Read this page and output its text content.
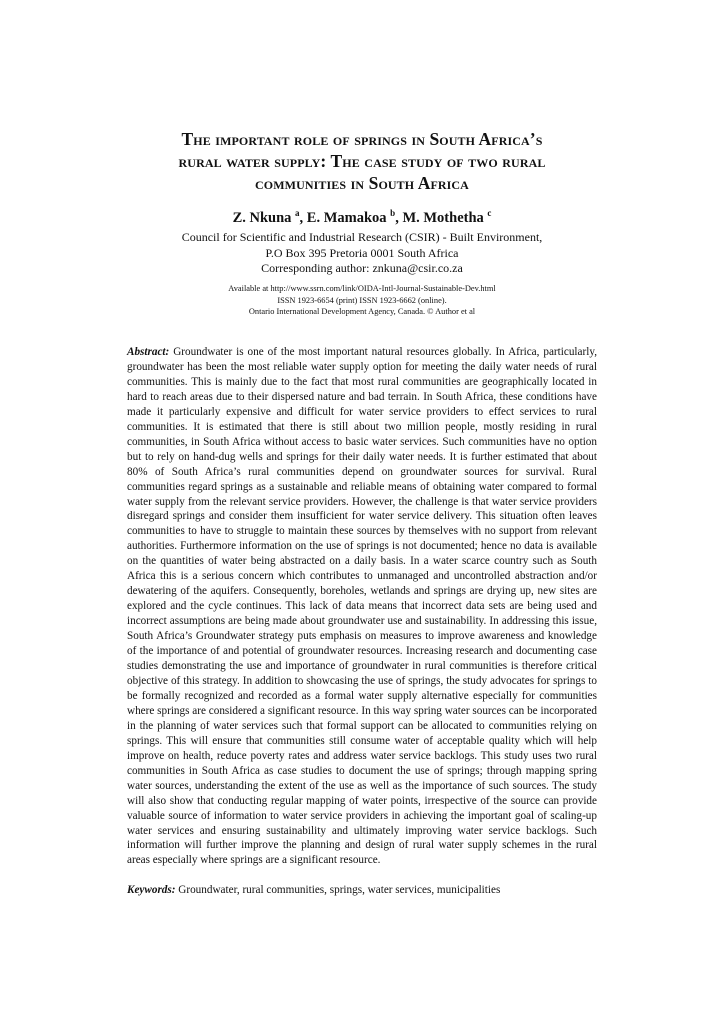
The important role of springs in South Africa’s
rural water supply: The case study of two rural
communities in South Africa
Z. Nkuna $^a$, E. Mamakoa $^b$, M. Mothetha $^c$
Council for Scientific and Industrial Research (CSIR) - Built Environment,
P.O Box 395 Pretoria 0001 South Africa
Corresponding author: znkuna@csir.co.za
Available at http://www.ssrn.com/link/OIDA-Intl-Journal-Sustainable-Dev.html
ISSN 1923-6654 (print) ISSN 1923-6662 (online).
Ontario International Development Agency, Canada. © Author et al

Abstract: Groundwater is one of the most important natural resources globally. In Africa, particularly, groundwater has been the most reliable water supply option for meeting the daily water needs of rural communities. This is mainly due to the fact that most rural communities are geographically located in hard to reach areas due to their dispersed nature and bad terrain. In South Africa, these conditions have made it particularly expensive and difficult for water service providers to effect services to rural communities. It is estimated that there is still about two million people, mostly residing in rural communities, in South Africa without access to basic water services. Such communities have no option but to rely on hand-dug wells and springs for their daily water needs. It is further estimated that about 80% of South Africa’s rural communities depend on groundwater sources for survival. Rural communities regard springs as a sustainable and reliable means of obtaining water compared to formal water supply from the relevant service providers. However, the challenge is that water service providers disregard springs and consider them insufficient for water service delivery. This situation often leaves communities to have to struggle to maintain these sources by themselves with no support from relevant authorities. Furthermore information on the use of springs is not documented; hence no data is available on the quantities of water being abstracted on a daily basis. In a water scarce country such as South Africa this is a serious concern which contributes to unmanaged and uncontrolled abstraction and/or dewatering of the aquifers. Consequently, boreholes, wetlands and springs are drying up, new sites are explored and the cycle continues. This lack of data means that incorrect data sets are being used and incorrect assumptions are being made about groundwater use and sustainability. In addressing this issue, South Africa’s Groundwater strategy puts emphasis on measures to improve awareness and knowledge of the importance of and potential of groundwater resources. Increasing research and documenting case studies demonstrating the use and importance of groundwater in rural communities is therefore critical objective of this strategy. In addition to showcasing the use of springs, the study advocates for springs to be formally recognized and recorded as a formal water supply alternative especially for communities where springs are considered a significant resource. In this way spring water sources can be incorporated in the planning of water services such that formal support can be allocated to communities relying on springs. This will ensure that communities still consume water of acceptable quality which will help improve on health, reduce poverty rates and address water service backlogs. This study uses two rural communities in South Africa as case studies to document the use of springs; through mapping spring water sources, understanding the extent of the use as well as the importance of such sources. The study will also show that conducting regular mapping of water points, irrespective of the source can provide valuable source of information to water service providers in achieving the important goal of scaling-up water services and ensuring sustainability and ultimately improving water service backlogs. Such information will further improve the planning and design of rural water supply schemes in the rural areas especially where springs are a significant resource.

Keywords: Groundwater, rural communities, springs, water services, municipalities
